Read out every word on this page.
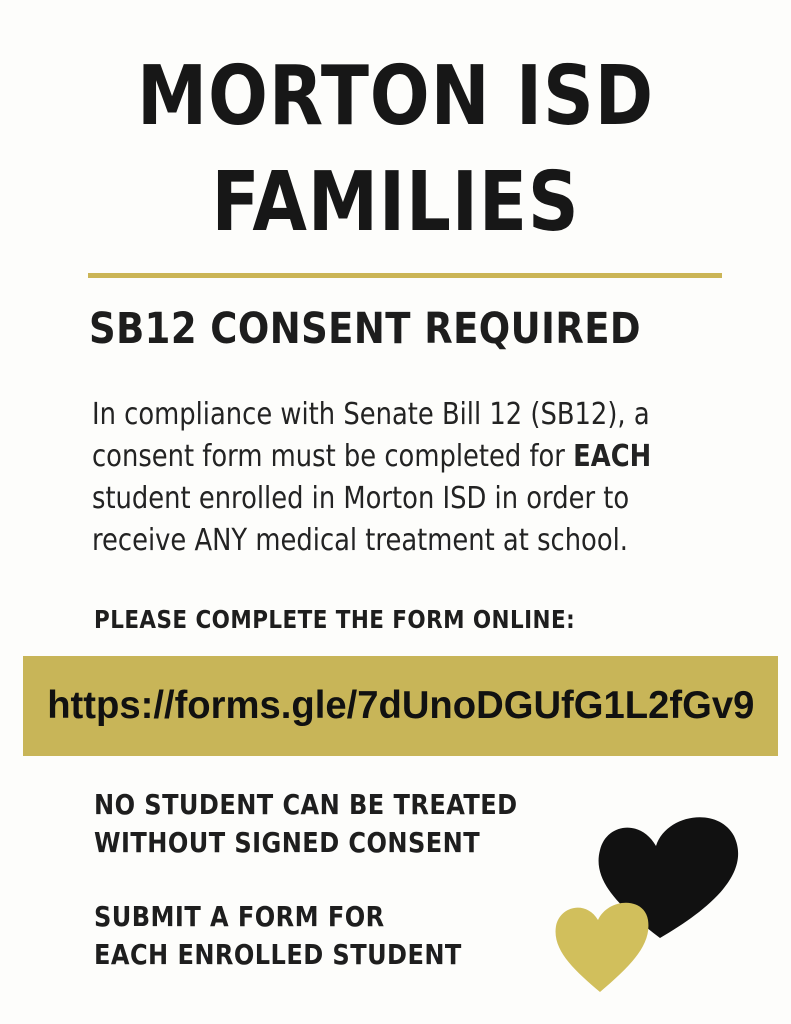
MORTON ISD
FAMILIES
SB12 CONSENT REQUIRED
In compliance with Senate Bill 12 (SB12), a
consent form must be completed for EACH
student enrolled in Morton ISD in order to
receive ANY medical treatment at school.
PLEASE COMPLETE THE FORM ONLINE:
https://forms.gle/7dUnoDGUfG1L2fGv9
NO STUDENT CAN BE TREATED
WITHOUT SIGNED CONSENT
SUBMIT A FORM FOR
EACH ENROLLED STUDENT
